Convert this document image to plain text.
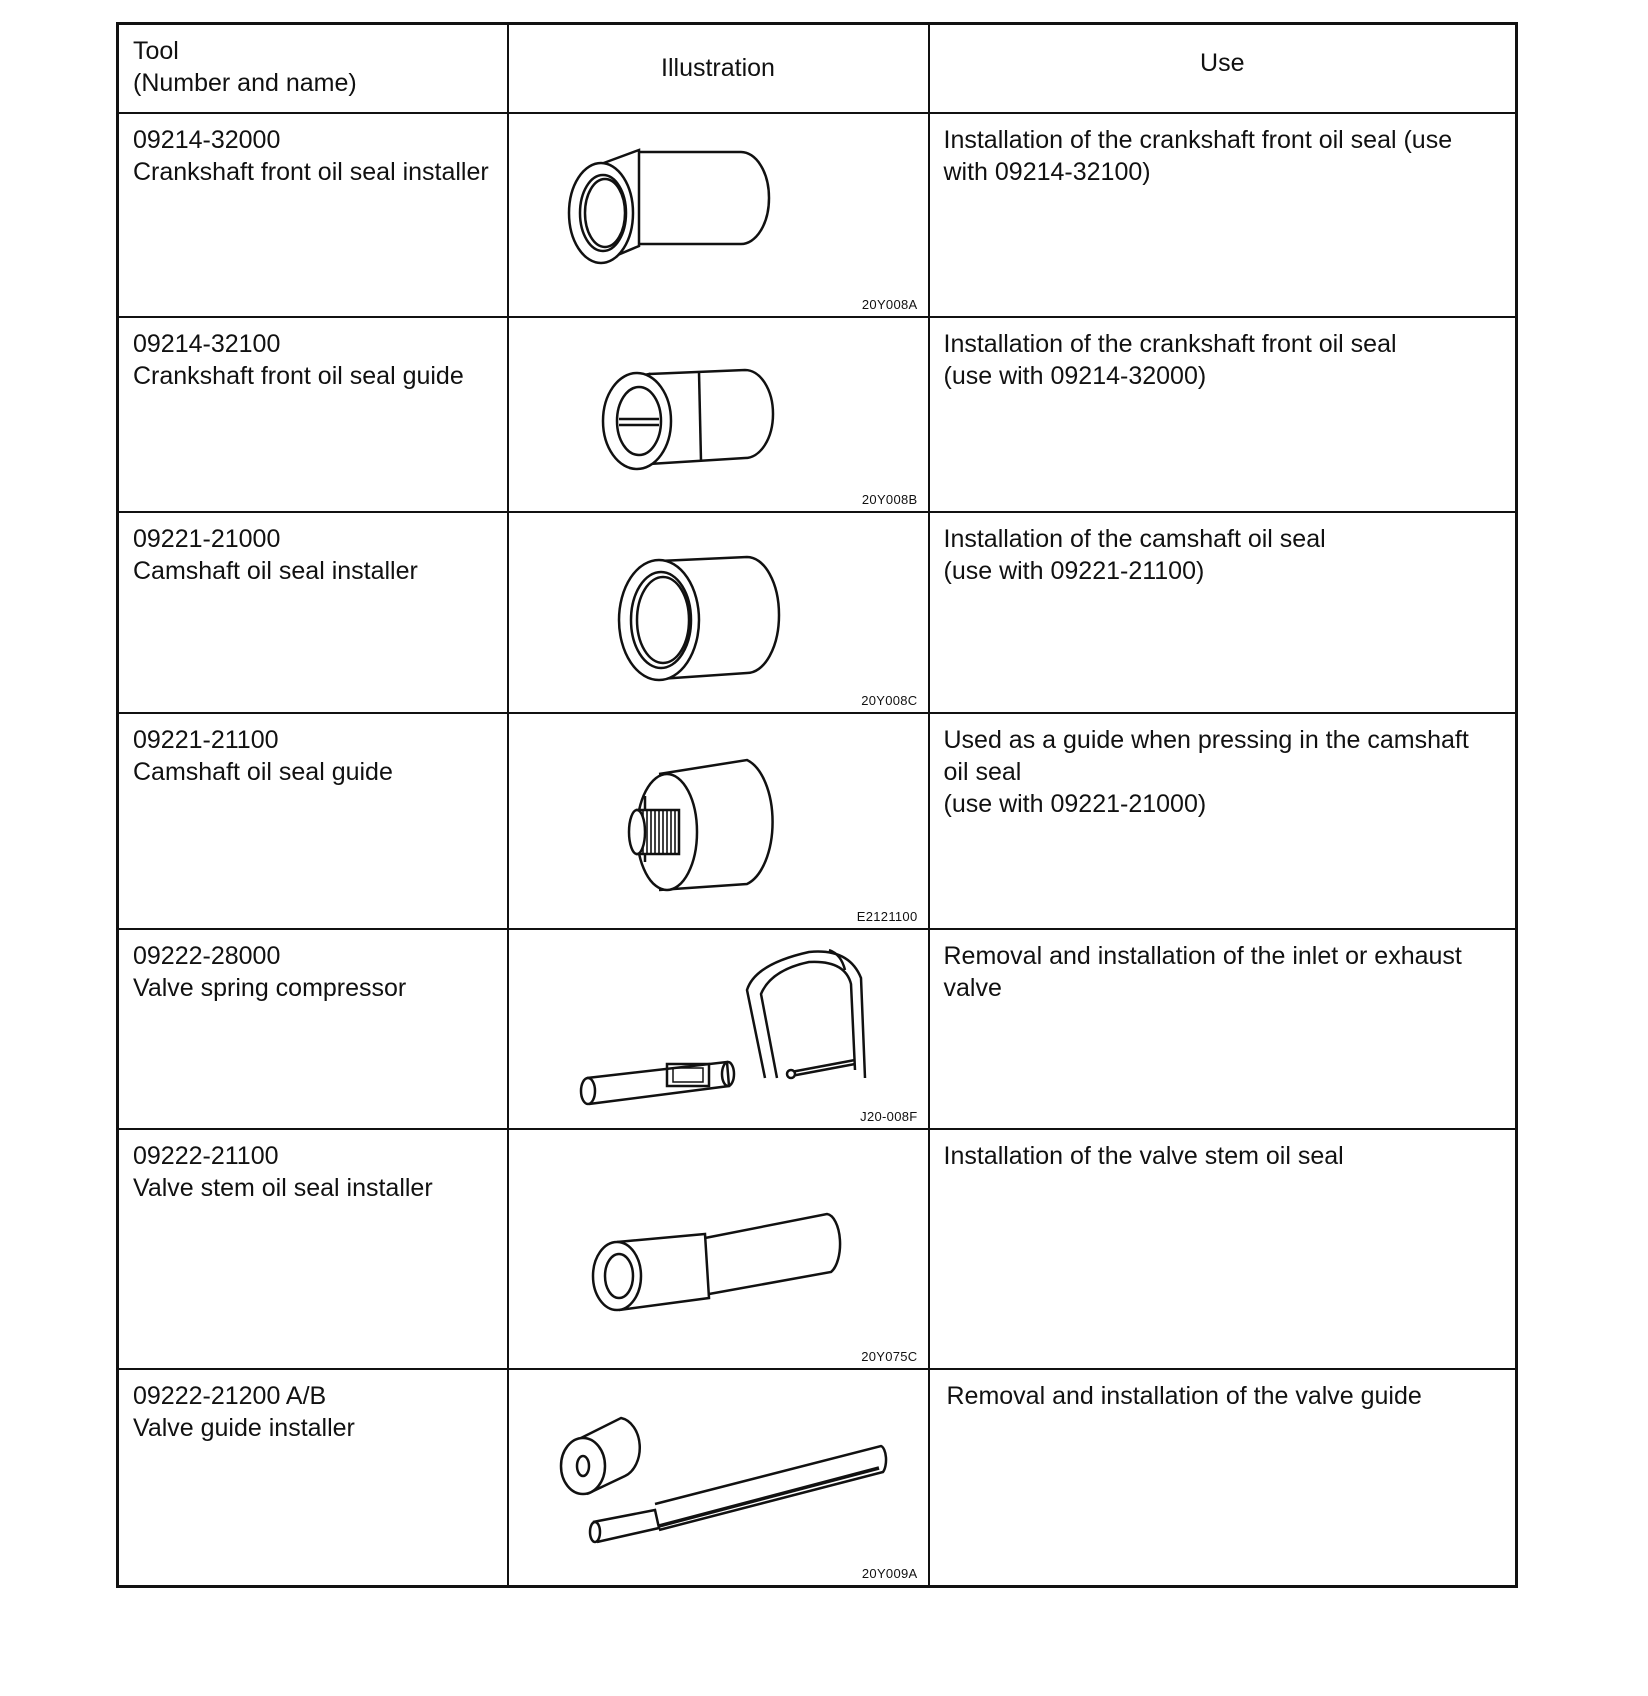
Tool
(Number and name)	Illustration	Use

09214-32000
Crankshaft front oil seal installer	20Y008A	Installation of the crankshaft front oil seal (use
with 09214-32100)

09214-32100
Crankshaft front oil seal guide	20Y008B	Installation of the crankshaft front oil seal
(use with 09214-32000)

09221-21000
Camshaft oil seal installer	20Y008C	Installation of the camshaft oil seal
(use with 09221-21100)

09221-21100
Camshaft oil seal guide	E2121100	Used as a guide when pressing in the camshaft
oil seal
(use with 09221-21000)

09222-28000
Valve spring compressor	J20-008F	Removal and installation of the inlet or exhaust
valve

09222-21100
Valve stem oil seal installer	20Y075C	Installation of the valve stem oil seal

09222-21200 A/B
Valve guide installer	20Y009A	Removal and installation of the valve guide
